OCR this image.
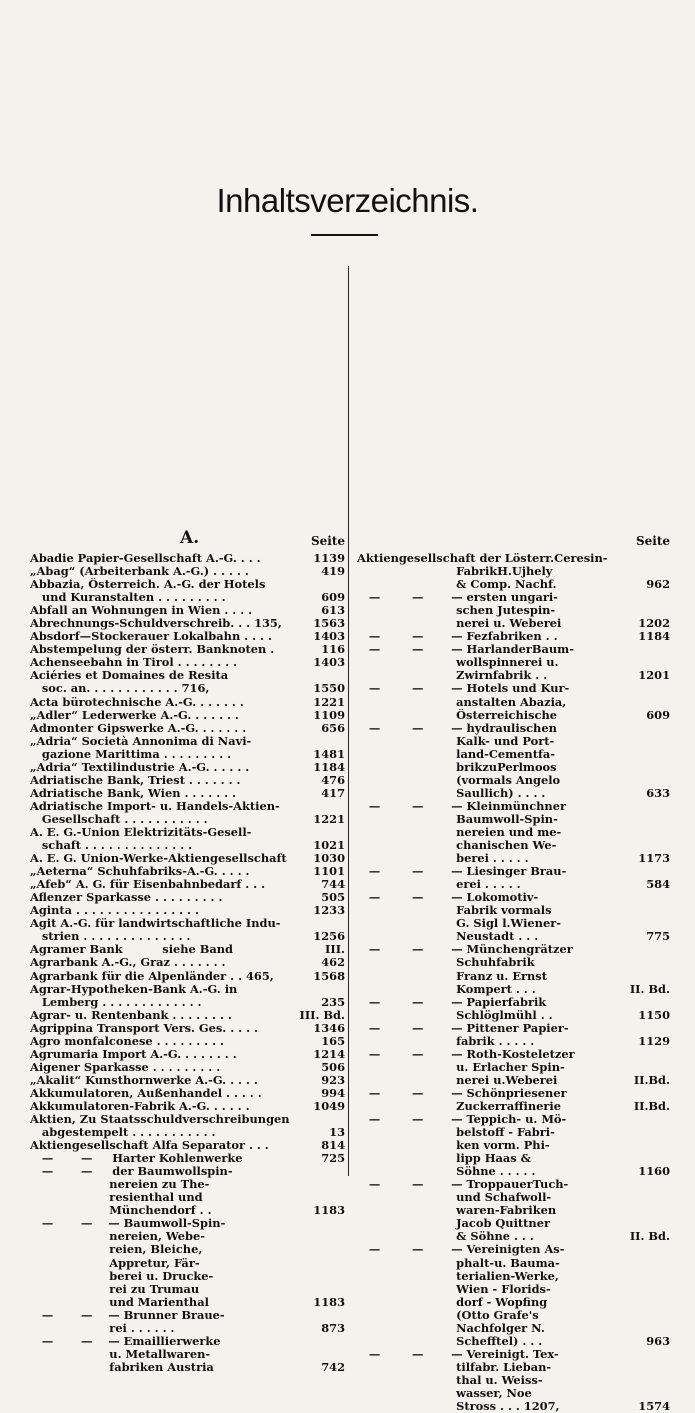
Inhaltsverzeichnis.
A.	Seite
Abadie Papier-Gesellschaft A.-G. . . .	1139
„Abag“ (Arbeiterbank A.-G.) . . . . .	419
Abbazia, Österreich. A.-G. der Hotels
und Kuranstalten . . . . . . . . .	609
Abfall an Wohnungen in Wien . . . .	613
Abrechnungs-Schuldverschreib. . . 135,	1563
Absdorf—Stockerauer Lokalbahn . . . .	1403
Abstempelung der österr. Banknoten .	116
Achenseebahn in Tirol . . . . . . . .	1403
Aciéries et Domaines de Resita
soc. an. . . . . . . . . . . . 716,	1550
Acta bürotechnische A.-G. . . . . . .	1221
„Adler“ Lederwerke A.-G. . . . . . .	1109
Admonter Gipswerke A.-G. . . . . . .	656
„Adria“ Società Annonima di Navi-
gazione Marittima . . . . . . . . .	1481
„Adria“ Textilindustrie A.-G. . . . . .	1184
Adriatische Bank, Triest . . . . . . .	476
Adriatische Bank, Wien . . . . . . .	417
Adriatische Import- u. Handels-Aktien-
Gesellschaft . . . . . . . . . . .	1221
A. E. G.-Union Elektrizitäts-Gesell-
schaft . . . . . . . . . . . . . .	1021
A. E. G. Union-Werke-Aktiengesellschaft	1030
„Aeterna“ Schuhfabriks-A.-G. . . . .	1101
„Afeb“ A. G. für Eisenbahnbedarf . . .	744
Aflenzer Sparkasse . . . . . . . . .	505
Aginta . . . . . . . . . . . . . . . .	1233
Agit A.-G. für landwirtschaftliche Indu-
strien . . . . . . . . . . . . . .	1256
Agramer Bank          siehe Band	III.
Agrarbank A.-G., Graz . . . . . . .	462
Agrarbank für die Alpenländer . . 465,	1568
Agrar-Hypotheken-Bank A.-G. in
Lemberg . . . . . . . . . . . . .	235
Agrar- u. Rentenbank . . . . . . . .	III. Bd.
Agrippina Transport Vers. Ges. . . . .	1346
Agro monfalconese . . . . . . . . .	165
Agrumaria Import A.-G. . . . . . . .	1214
Aigener Sparkasse . . . . . . . . .	506
„Akalit“ Kunsthornwerke A.-G. . . . .	923
Akkumulatoren, Außenhandel . . . . .	994
Akkumulatoren-Fabrik A.-G. . . . . .	1049
Aktien, Zu Staatsschuldverschreibungen
abgestempelt . . . . . . . . . . .	13
Aktiengesellschaft Alfa Separator . . .	814
—       —     Harter Kohlenwerke	725
—       —     der Baumwollspin-
nereien zu The-
resienthal und
Münchendorf . .	1183
—       —    — Baumwoll-Spin-
nereien, Webe-
reien, Bleiche,
Appretur, Fär-
berei u. Drucke-
rei zu Trumau
und Marienthal	1183
—       —    — Brunner Braue-
rei . . . . . .	873
—       —    — Emaillierwerke
u. Metallwaren-
fabriken Austria	742
Seite
Aktiengesellschaft der Lösterr.Ceresin-
FabrikH.Ujhely
& Comp. Nachf.	962
—        —       — ersten ungari-
schen Jutespin-
nerei u. Weberei	1202
—        —       — Fezfabriken . .	1184
—        —       — HarlanderBaum-
wollspinnerei u.
Zwirnfabrik . .	1201
—        —       — Hotels und Kur-
anstalten Abazia,
Österreichische	609
—        —       — hydraulischen
Kalk- und Port-
land-Cementfa-
brikzuPerlmoos
(vormals Angelo
Saullich) . . . .	633
—        —       — Kleinmünchner
Baumwoll-Spin-
nereien und me-
chanischen We-
berei . . . . .	1173
—        —       — Liesinger Brau-
erei . . . . .	584
—        —       — Lokomotiv-
Fabrik vormals
G. Sigl l.Wiener-
Neustadt . . .	775
—        —       — Münchengrätzer
Schuhfabrik
Franz u. Ernst
Kompert . . .	II. Bd.
—        —       — Papierfabrik
Schlöglmühl . .	1150
—        —       — Pittener Papier-
fabrik . . . . .	1129
—        —       — Roth-Kosteletzer
u. Erlacher Spin-
nerei u.Weberei	II.Bd.
—        —       — Schönpriesener
Zuckerraffinerie	II.Bd.
—        —       — Teppich- u. Mö-
belstoff - Fabri-
ken vorm. Phi-
lipp Haas &
Söhne . . . . .	1160
—        —       — TroppauerTuch-
und Schafwoll-
waren-Fabriken
Jacob Quittner
& Söhne . . .	II. Bd.
—        —       — Vereinigten As-
phalt-u. Bauma-
terialien-Werke,
Wien - Florids-
dorf - Wopfing
(Otto Grafe's
Nachfolger N.
Schefftel) . . .	963
—        —       — Vereinigt. Tex-
tilfabr. Lieban-
thal u. Weiss-
wasser, Noe
Stross . . . 1207,	1574
